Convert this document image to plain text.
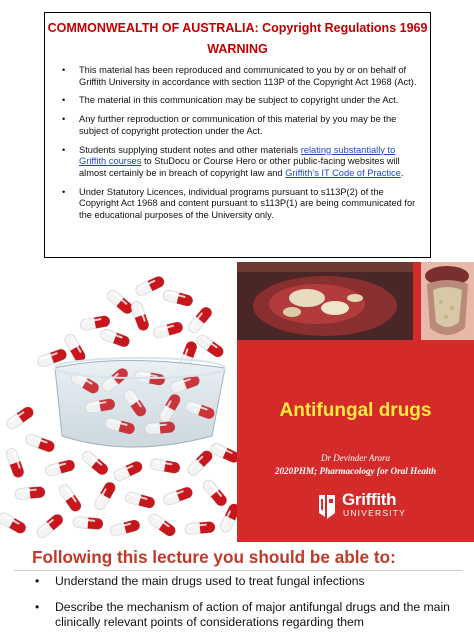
COMMONWEALTH OF AUSTRALIA: Copyright Regulations 1969
WARNING
• This material has been reproduced and communicated to you by or on behalf of Griffith University in accordance with section 113P of the Copyright Act 1968 (Act).
• The material in this communication may be subject to copyright under the Act.
• Any further reproduction or communication of this material by you may be the subject of copyright protection under the Act.
• Students supplying student notes and other materials relating substantially to Griffith courses to StuDocu or Course Hero or other public-facing websites will almost certainly be in breach of copyright law and Griffith's IT Code of Practice.
• Under Statutory Licences, individual programs pursuant to s113P(2) of the Copyright Act 1968 and content pursuant to s113P(1) are being communicated for the educational purposes of the University only.
Antifungal drugs
Dr Devinder Arora
2020PHM; Pharmacology for Oral Health
Griffith
UNIVERSITY
Following this lecture you should be able to:
• Understand the main drugs used to treat fungal infections
• Describe the mechanism of action of major antifungal drugs and the main clinically relevant points of considerations regarding them
